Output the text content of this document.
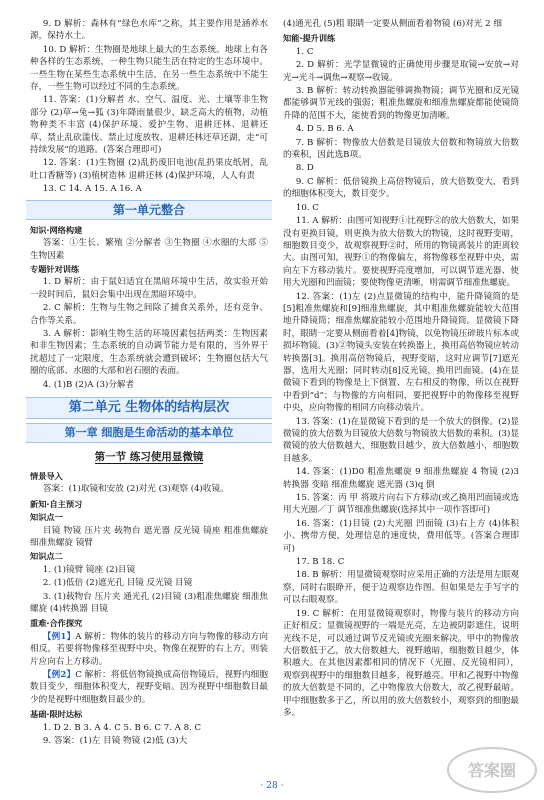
9. D 解析：森林有“绿色水库”之称，其主要作用是涵养水源，保持水土。

10. D 解析：生物圈是地球上最大的生态系统。地球上有各种各样的生态系统，一种生物只能生活在特定的生态环境中。一些生物在某些生态系统中生活，在另一些生态系统中不能生存，一些生物可以经过不同的生态系统。

11. 答案：(1)分解者 水、空气、温度、光、土壤等非生物部分 (2)草→兔→狐 (3)年降雨量很少，缺乏高大的植物，动植物种类不丰富 (4)保护环境、爱护生物、退耕还林、退耕还草、禁止乱砍滥伐、禁止过度放牧、退耕还林还草还湖，走“可持续发展”的道路。(答案合理即可)

12. 答案：(1)生物圈 (2)乱扔废旧电池(乱扔果皮纸屑，乱吐口香糖等) (3)植树造林 退耕还林 (4)保护环境，人人有责

13. C 14. A 15. A 16. A

第一单元整合
知识·网络构建

答案：①生长、繁殖 ②分解者 ③生物圈 ④水圈的大部 ⑤生物因素

专题针对训练

1. D 解析：由于鼠妇适宜在黑暗环境中生活，故实验开始一段时间后，鼠妇会集中出现在黑暗环境中。

2. C 解析：生物与生物之间除了捕食关系外，还有竞争、合作等关系。

3. A 解析：影响生物生活的环境因素包括两类：生物因素和非生物因素；生态系统的自动调节能力是有限的，当外界干扰超过了一定限度，生态系统就会遭到破坏；生物圈包括大气圈的底部、水圈的大部和岩石圈的表面。

4. (1)B (2)A (3)分解者

第二单元 生物体的结构层次
第一章 细胞是生命活动的基本单位
第一节 练习使用显微镜
情景导入

答案：(1)取镜和安放 (2)对光 (3)观察 (4)收镜。

新知·自主预习
知识点一

目镜 物镜 压片夹 载物台 遮光器 反光镜 镜座 粗准焦螺旋 细准焦螺旋 镜臂

知识点二

1. (1)镜臂 镜座 (2)目镜

2. (1)低倍 (2)遮光孔 目镜 反光镜 目镜

3. (1)载物台 压片夹 通光孔 (2)目镜 (3)粗准焦螺旋 细准焦螺旋 (4)转换器 目镜

重难·合作探究

【例1】A 解析：物体的装片的移动方向与物像的移动方向相反，若要将物像移至视野中央，物像在视野的右上方，则装片应向右上方移动。

【例2】C 解析：将低倍物镜换成高倍物镜后，视野内细胞数目变少，细胞体积变大，视野变暗。因为视野中细胞数目最少的是视野中细胞数目最少的。

基础·限时达标

1. D 2. B 3. A 4. C 5. B 6. C 7. A 8. C

9. 答案：(1)左 目镜 物镜 (2)低 (3)大

(4)通光孔 (5)粗 眼睛一定要从侧面看着物镜 (6)对光 2 细

知能·提升训练

1. C

2. D 解析：光学显微镜的正确使用步骤是取镜→安放→对光→光斗→调焦→观察→收镜。

3. B 解析：转动转换器能够调换物镜；调节光圈和反光镜都能够调节光线的强弱；粗准焦螺旋和细准焦螺旋都能使镜筒升降的范围不大，能使看到的物像更加清晰。

4. D 5. B 6. A

7. B 解析：物像放大倍数是目镜放大倍数和物镜放大倍数的乘积，因此选B项。

8. D

9. C 解析：低倍镜换上高倍物镜后，放大倍数变大，看到的细胞体积变大，数目变少。

10. C

11. A 解析：由图可知视野①比视野②的放大倍数大，如果没有更换目镜，则更换为放大倍数大的物镜，这时视野变暗，细胞数目变少，故观察视野②时，所用的物镜离装片的距离较大。由图可知，视野①的物像偏左，将物像移至视野中央，需向左下方移动装片。要使视野亮度增加，可以调节遮光器、使用大光圈和凹面镜；要使物像更清晰，则需调节细准焦螺旋。

12. 答案：(1)左 (2)点显微镜的结构中，能升降镜筒的是[5]粗准焦螺旋和[9]细准焦螺旋，其中粗准焦螺旋能较大范围地升降镜筒；细准焦螺旋能较小范围地升降镜筒。显微镜下降时，眼睛一定要从侧面看着[4]物镜，以免物镜压碎玻片标本或损坏物镜。(3)②物镜头安装在转换器上，换用高倍物镜应转动转换器[3]。换用高倍物镜后，视野变暗，这时应调节[7]遮光器，选用大光圈；同时转动[8]反光镜，换用凹面镜。(4)在显微镜下看到的物像是上下倒置、左右相反的物像，所以在视野中看到“d”；与物像的方向相同，要把视野中的物像移至视野中央，应向物像的相同方向移动装片。

13. 答案：(1)在显微镜下看到的是一个放大的倒像。(2)显微镜的放大倍数为目镜放大倍数与物镜放大倍数的乘积。(3)显微镜的放大倍数越大，细胞数目越少，放大倍数越小，细胞数目越多。

14. 答案：(1)D0 粗准焦螺旋 9 细准焦螺旋 4 物镜 (2)3 转换器 变暗 细准焦螺旋 遮光器 (3)q 倒

15. 答案：丙 甲 将玻片向右下方移动(或乙换用凹面镜或选用大光圈／丁 调节细准焦螺旋(选择其中一项作答即可)

16. 答案：(1)目镜 (2)大光圈 凹面镜 (3)右上方 (4)体积小、携带方便，处理信息的速度快，费用低等。(答案合理即可)

17. B 18. C

18. B 解析：用显微镜观察时应采用正确的方法是用左眼观察，同时右眼睁开，便于边观察边作图。但如果是左手写字的可以右眼观察。

19. C 解析：在用显微镜观察时，物像与装片的移动方向正好相反；显微镜视野的一端是光亮，左边被阴影遮住，说明光线不足，可以通过调节反光镜或光圈来解决。甲中的物像放大倍数低于乙，放大倍数越大，视野越暗，细胞数目越少，体积越大。在其他因素都相同的情况下（光圈、反光镜相同），观察到视野中的细胞数目越多，视野越亮。甲和乙视野中物像的放大倍数是不同的，乙中物像放大倍数大，故乙视野最暗。甲中细胞数多于乙，所以用的放大倍数较小，观察到的细胞最多。

· 28 ·
答案圈
